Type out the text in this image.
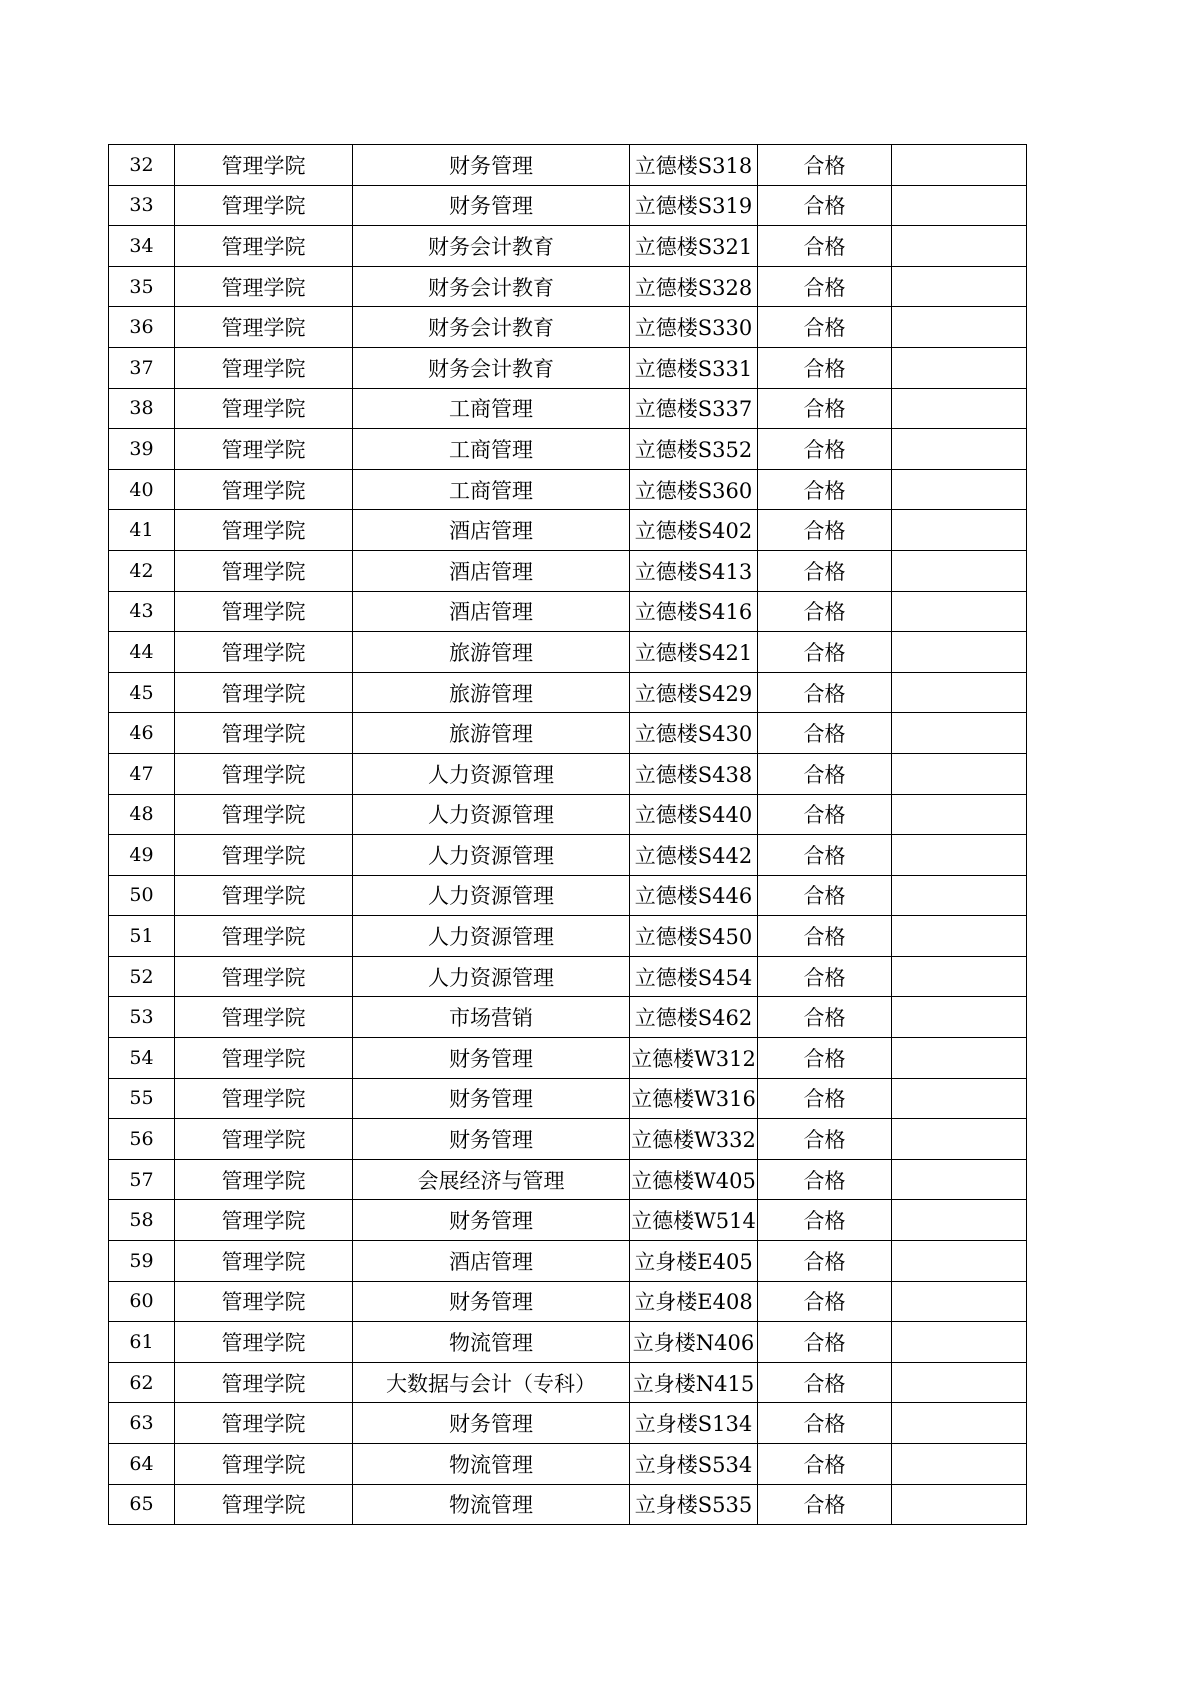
32	管理学院	财务管理	立德楼S318	合格	
33	管理学院	财务管理	立德楼S319	合格	
34	管理学院	财务会计教育	立德楼S321	合格	
35	管理学院	财务会计教育	立德楼S328	合格	
36	管理学院	财务会计教育	立德楼S330	合格	
37	管理学院	财务会计教育	立德楼S331	合格	
38	管理学院	工商管理	立德楼S337	合格	
39	管理学院	工商管理	立德楼S352	合格	
40	管理学院	工商管理	立德楼S360	合格	
41	管理学院	酒店管理	立德楼S402	合格	
42	管理学院	酒店管理	立德楼S413	合格	
43	管理学院	酒店管理	立德楼S416	合格	
44	管理学院	旅游管理	立德楼S421	合格	
45	管理学院	旅游管理	立德楼S429	合格	
46	管理学院	旅游管理	立德楼S430	合格	
47	管理学院	人力资源管理	立德楼S438	合格	
48	管理学院	人力资源管理	立德楼S440	合格	
49	管理学院	人力资源管理	立德楼S442	合格	
50	管理学院	人力资源管理	立德楼S446	合格	
51	管理学院	人力资源管理	立德楼S450	合格	
52	管理学院	人力资源管理	立德楼S454	合格	
53	管理学院	市场营销	立德楼S462	合格	
54	管理学院	财务管理	立德楼W312	合格	
55	管理学院	财务管理	立德楼W316	合格	
56	管理学院	财务管理	立德楼W332	合格	
57	管理学院	会展经济与管理	立德楼W405	合格	
58	管理学院	财务管理	立德楼W514	合格	
59	管理学院	酒店管理	立身楼E405	合格	
60	管理学院	财务管理	立身楼E408	合格	
61	管理学院	物流管理	立身楼N406	合格	
62	管理学院	大数据与会计（专科）	立身楼N415	合格	
63	管理学院	财务管理	立身楼S134	合格	
64	管理学院	物流管理	立身楼S534	合格	
65	管理学院	物流管理	立身楼S535	合格	
